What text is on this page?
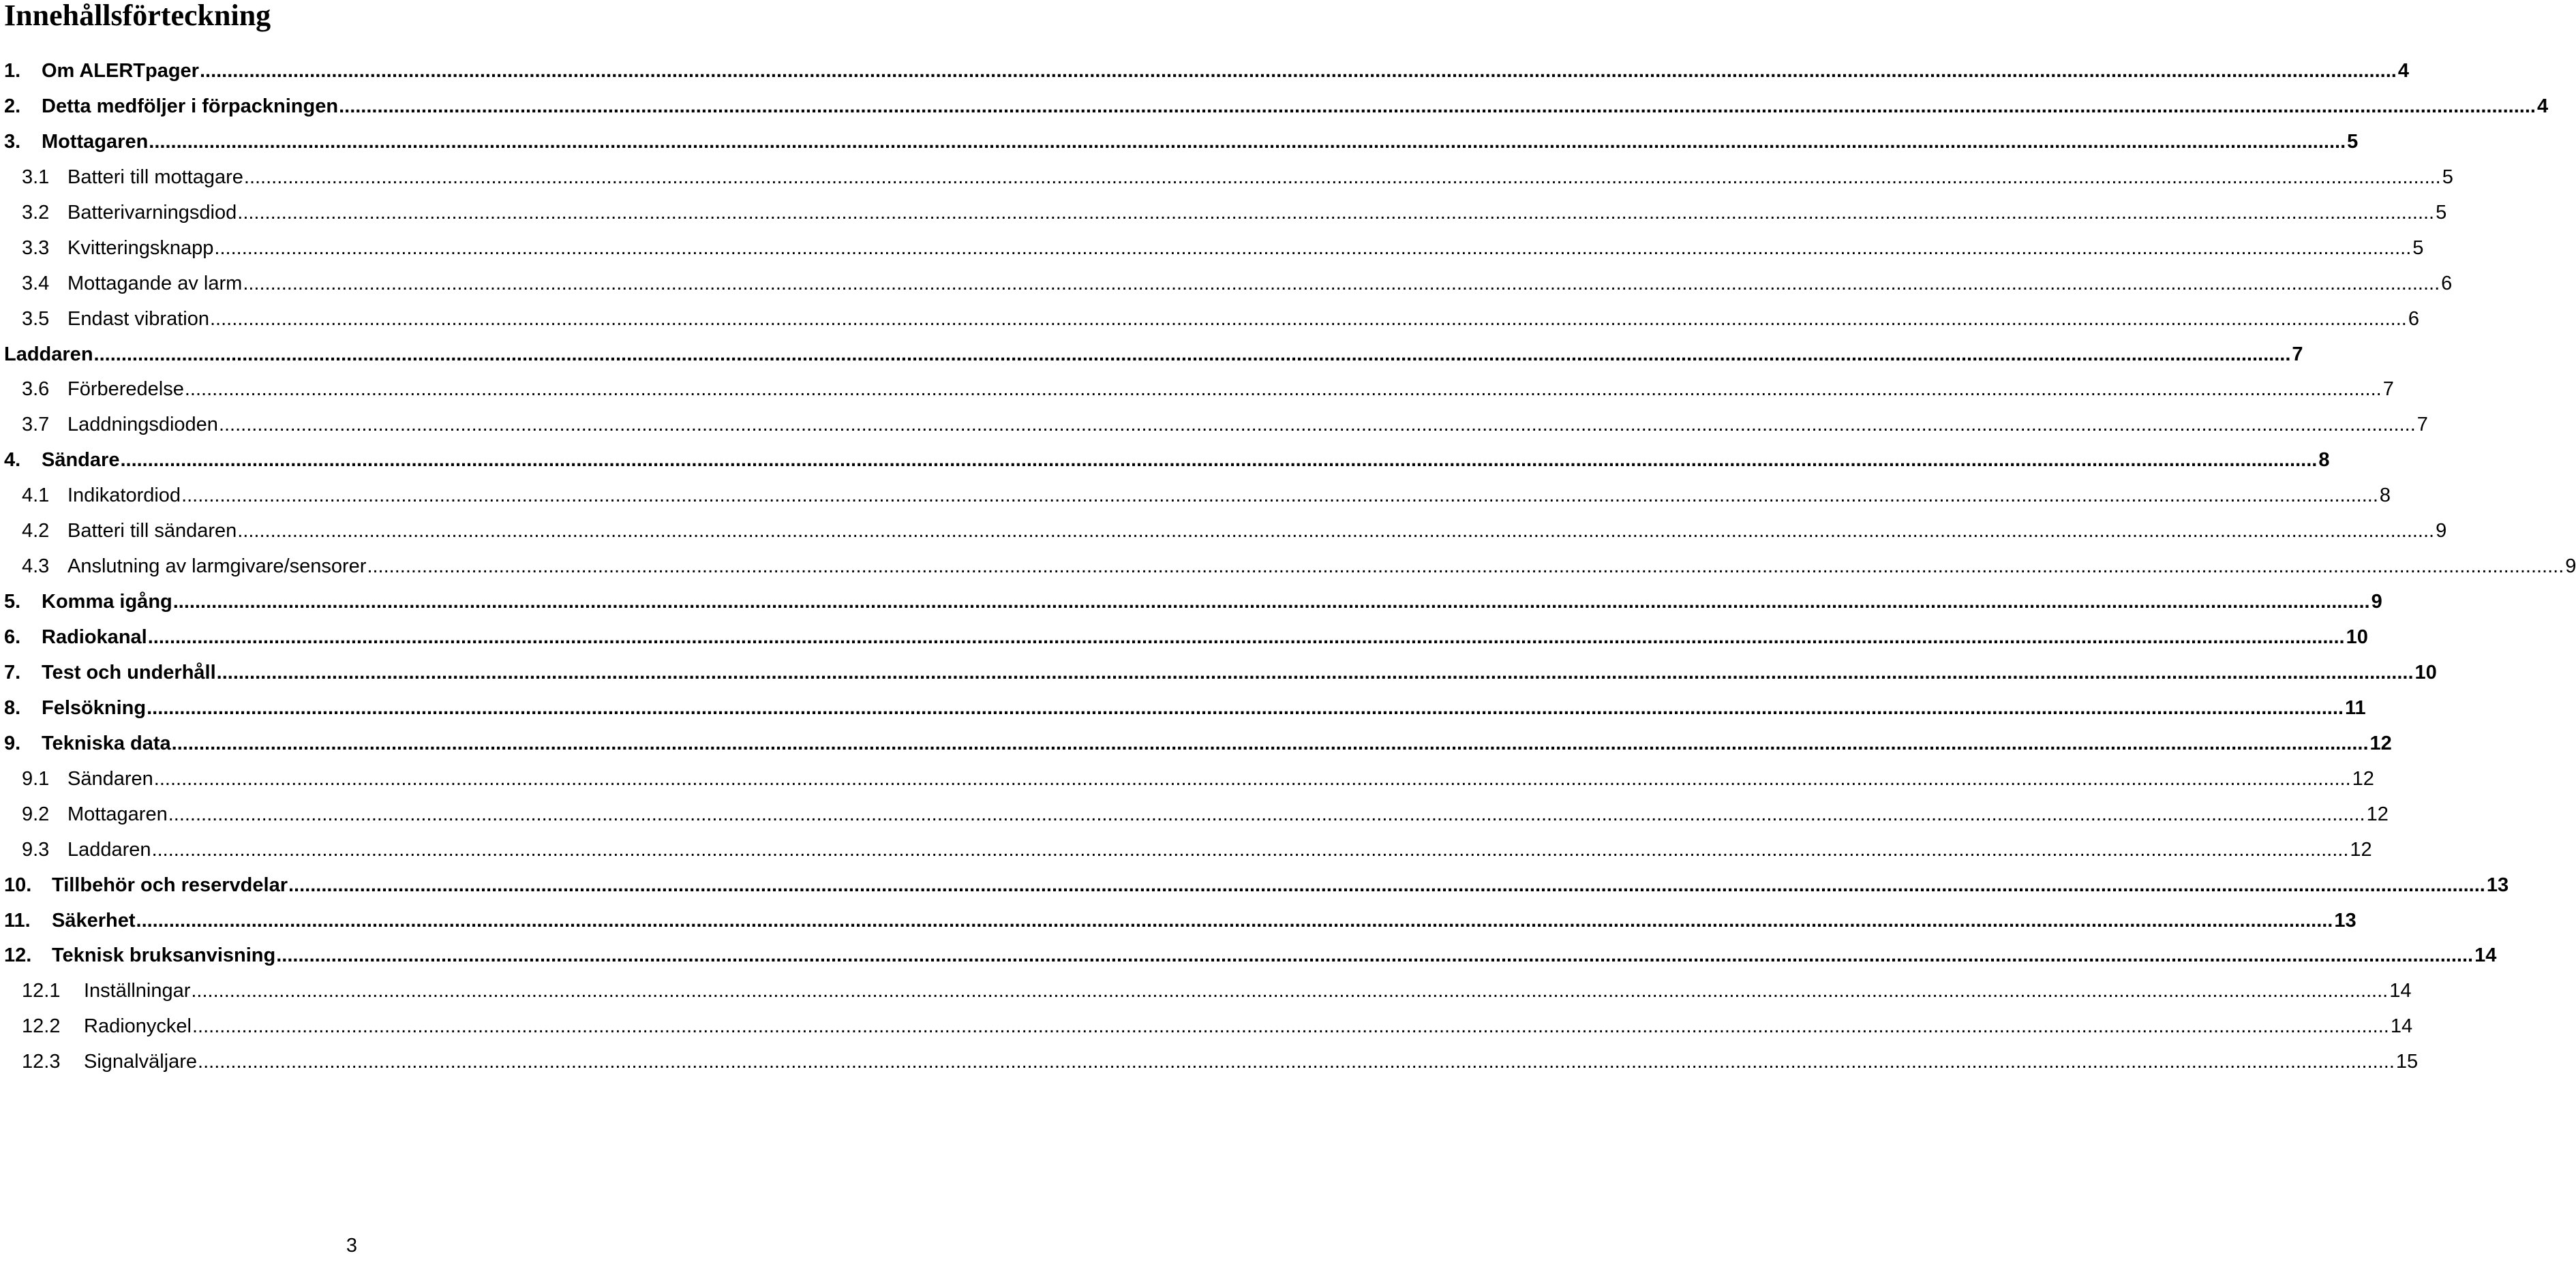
Innehållsförteckning
1.	Om ALERTpager ................................................................................................................................................................................................................................................................................................................................................................................................................ 4
2.	Detta medföljer i förpackningen ................................................................................................................................................................................................................................................................................................................................................................................................................ 4
3.	Mottagaren ................................................................................................................................................................................................................................................................................................................................................................................................................ 5
3.1 Batteri till mottagare ................................................................................................................................................................................................................................................................................................................................................................................................................ 5
3.2 Batterivarningsdiod ................................................................................................................................................................................................................................................................................................................................................................................................................ 5
3.3 Kvitteringsknapp ................................................................................................................................................................................................................................................................................................................................................................................................................ 5
3.4 Mottagande av larm ................................................................................................................................................................................................................................................................................................................................................................................................................ 6
3.5 Endast vibration ................................................................................................................................................................................................................................................................................................................................................................................................................ 6
Laddaren ................................................................................................................................................................................................................................................................................................................................................................................................................ 7
3.6 Förberedelse ................................................................................................................................................................................................................................................................................................................................................................................................................ 7
3.7 Laddningsdioden ................................................................................................................................................................................................................................................................................................................................................................................................................ 7
4.	Sändare ................................................................................................................................................................................................................................................................................................................................................................................................................ 8
4.1 Indikatordiod ................................................................................................................................................................................................................................................................................................................................................................................................................ 8
4.2 Batteri till sändaren ................................................................................................................................................................................................................................................................................................................................................................................................................ 9
4.3 Anslutning av larmgivare/sensorer ................................................................................................................................................................................................................................................................................................................................................................................................................ 9
5.	Komma igång ................................................................................................................................................................................................................................................................................................................................................................................................................ 9
6.	Radiokanal ................................................................................................................................................................................................................................................................................................................................................................................................................ 10
7.	Test och underhåll ................................................................................................................................................................................................................................................................................................................................................................................................................ 10
8.	Felsökning ................................................................................................................................................................................................................................................................................................................................................................................................................ 11
9.	Tekniska data ................................................................................................................................................................................................................................................................................................................................................................................................................ 12
9.1 Sändaren ................................................................................................................................................................................................................................................................................................................................................................................................................ 12
9.2 Mottagaren ................................................................................................................................................................................................................................................................................................................................................................................................................ 12
9.3 Laddaren ................................................................................................................................................................................................................................................................................................................................................................................................................ 12
10.	Tillbehör och reservdelar ................................................................................................................................................................................................................................................................................................................................................................................................................ 13
11.	Säkerhet ................................................................................................................................................................................................................................................................................................................................................................................................................ 13
12.	Teknisk bruksanvisning ................................................................................................................................................................................................................................................................................................................................................................................................................ 14
12.1	Inställningar ................................................................................................................................................................................................................................................................................................................................................................................................................ 14
12.2	Radionyckel ................................................................................................................................................................................................................................................................................................................................................................................................................ 14
12.3	Signalväljare ................................................................................................................................................................................................................................................................................................................................................................................................................ 15
3
